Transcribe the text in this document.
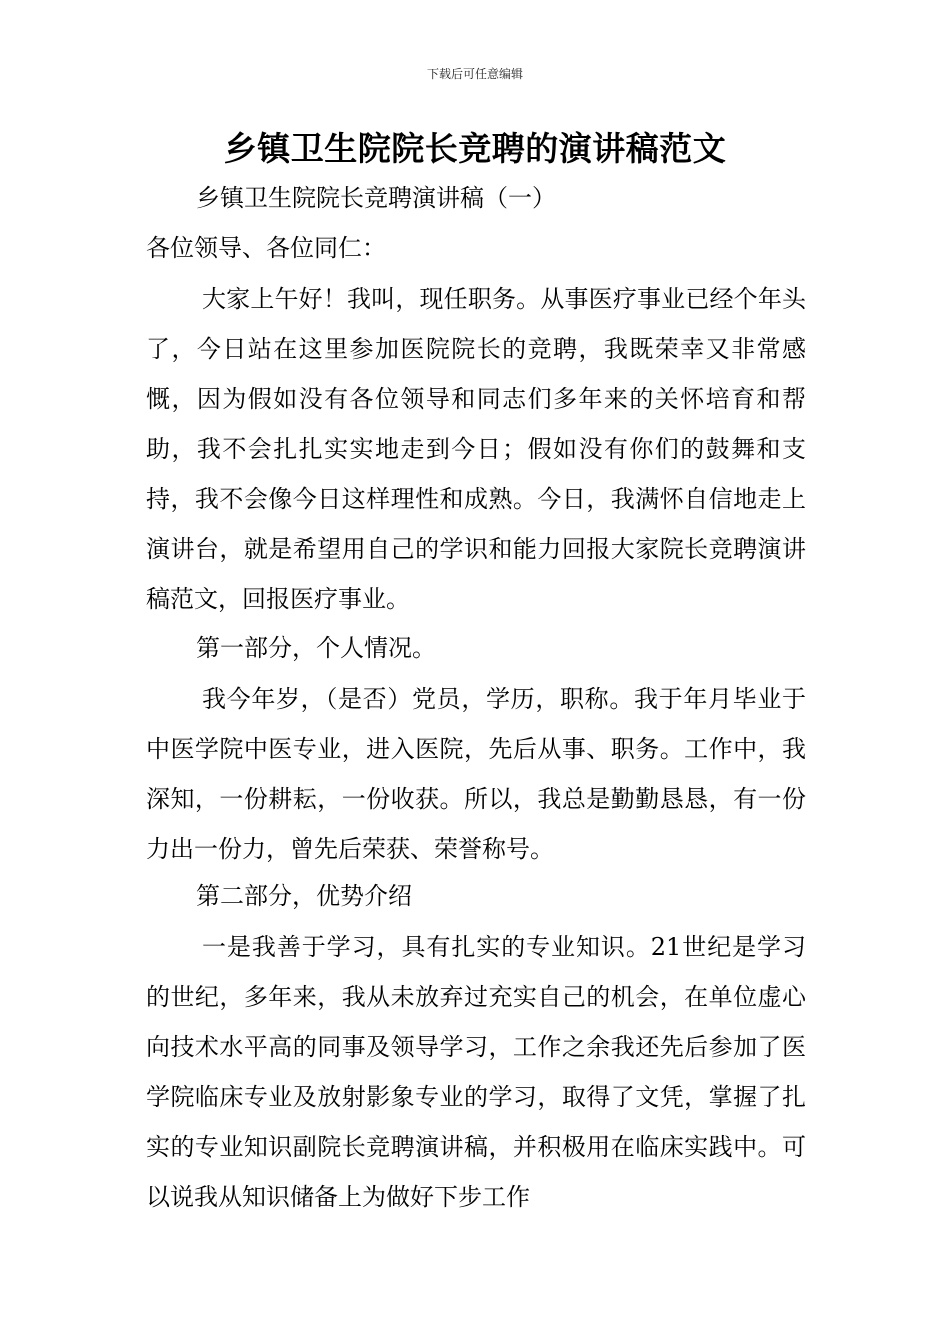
下载后可任意编辑
乡镇卫生院院长竞聘的演讲稿范文
乡镇卫生院院长竞聘演讲稿（一）
各位领导、各位同仁：

大家上午好！我叫，现任职务。从事医疗事业已经个年头了，今日站在这里参加医院院长的竞聘，我既荣幸又非常感慨，因为假如没有各位领导和同志们多年来的关怀培育和帮助，我不会扎扎实实地走到今日；假如没有你们的鼓舞和支持，我不会像今日这样理性和成熟。今日，我满怀自信地走上演讲台，就是希望用自己的学识和能力回报大家院长竞聘演讲稿范文，回报医疗事业。

第一部分，个人情况。

我今年岁，（是否）党员，学历，职称。我于年月毕业于中医学院中医专业，进入医院，先后从事、职务。工作中，我深知，一份耕耘，一份收获。所以，我总是勤勤恳恳，有一份力出一份力，曾先后荣获、荣誉称号。

第二部分，优势介绍

一是我善于学习，具有扎实的专业知识。21世纪是学习的世纪，多年来，我从未放弃过充实自己的机会，在单位虚心向技术水平高的同事及领导学习，工作之余我还先后参加了医学院临床专业及放射影象专业的学习，取得了文凭，掌握了扎实的专业知识副院长竞聘演讲稿，并积极用在临床实践中。可以说我从知识储备上为做好下步工作
